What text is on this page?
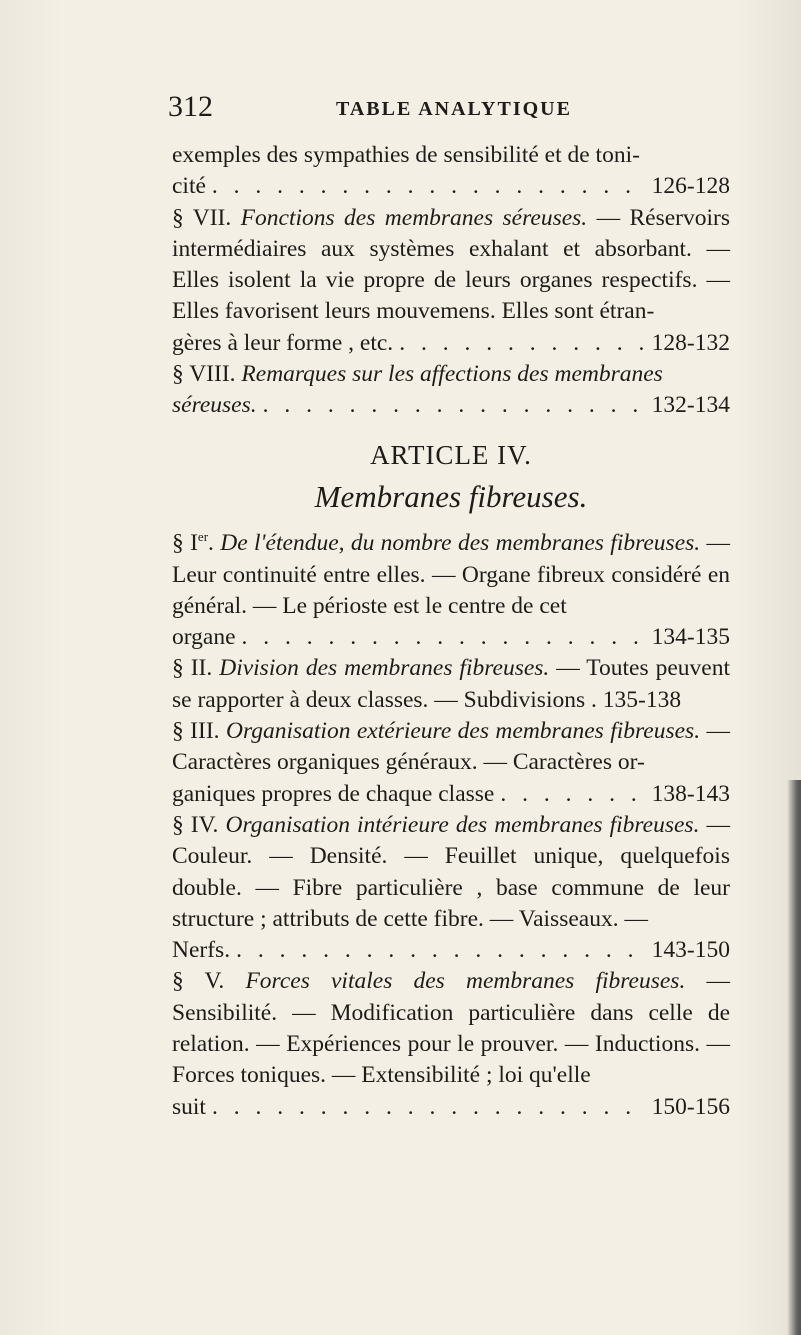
312	TABLE ANALYTIQUE

exemples des sympathies de sensibilité et de toni-

cité . . .	126-128

§ VII. Fonctions des membranes séreuses. — Réservoirs intermédiaires aux systèmes exhalant et absorbant. — Elles isolent la vie propre de leurs organes respectifs. — Elles favorisent leurs mouvemens. Elles sont étran-

gères à leur forme , etc. . . .	128-132

§ VIII. Remarques sur les affections des membranes

séreuses. . . .	132-134
ARTICLE IV.
Membranes fibreuses.

§ Ier. De l'étendue, du nombre des membranes fibreuses. — Leur continuité entre elles. — Organe fibreux considéré en général. — Le périoste est le centre de cet

organe . . .	134-135

§ II. Division des membranes fibreuses. — Toutes peuvent se rapporter à deux classes. — Subdivisions . 135-138

§ III. Organisation extérieure des membranes fibreuses. — Caractères organiques généraux. — Caractères or-

ganiques propres de chaque classe . . .	138-143

§ IV. Organisation intérieure des membranes fibreuses. — Couleur. — Densité. — Feuillet unique, quelquefois double. — Fibre particulière , base commune de leur structure ; attributs de cette fibre. — Vaisseaux. —

Nerfs. . . .	143-150

§ V. Forces vitales des membranes fibreuses. — Sensibilité. — Modification particulière dans celle de relation. — Expériences pour le prouver. — Inductions. — Forces toniques. — Extensibilité ; loi qu'elle

suit . . .	150-156
